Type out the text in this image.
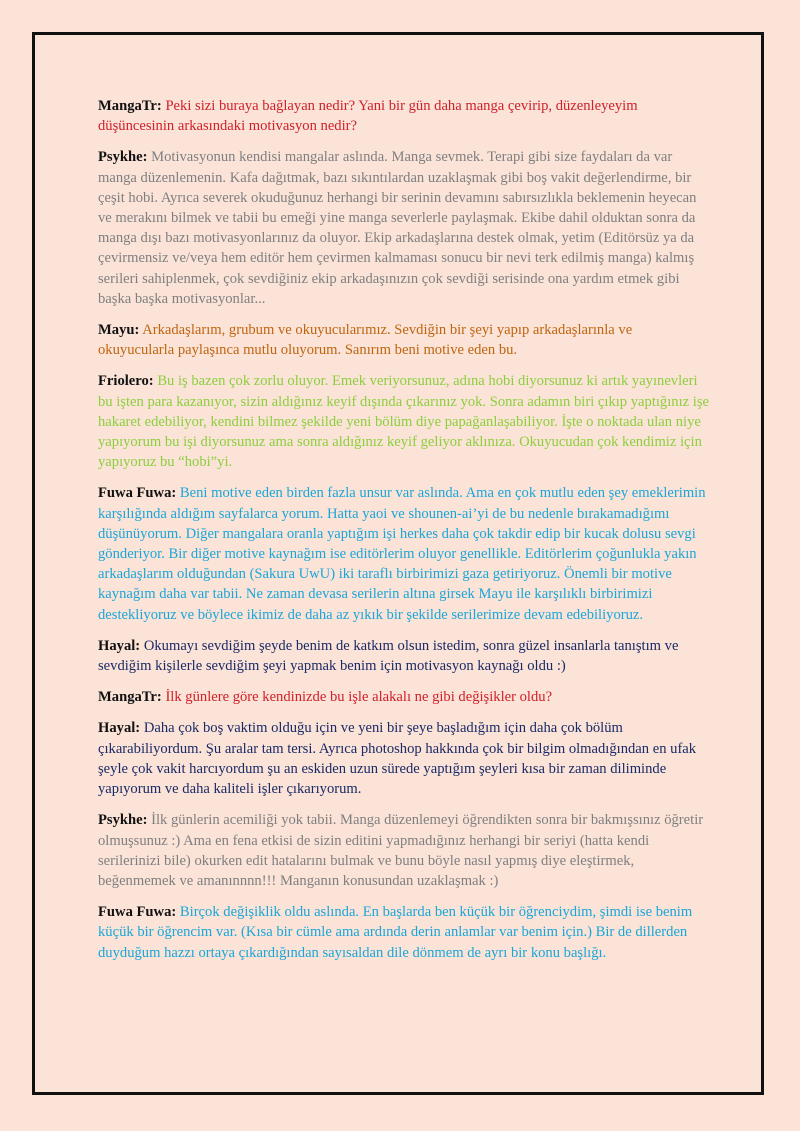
MangaTr: Peki sizi buraya bağlayan nedir? Yani bir gün daha manga çevirip, düzenleyeyim düşüncesinin arkasındaki motivasyon nedir?

Psykhe: Motivasyonun kendisi mangalar aslında. Manga sevmek. Terapi gibi size faydaları da var manga düzenlemenin. Kafa dağıtmak, bazı sıkıntılardan uzaklaşmak gibi boş vakit değerlendirme, bir çeşit hobi. Ayrıca severek okuduğunuz herhangi bir serinin devamını sabırsızlıkla beklemenin heyecan ve merakını bilmek ve tabii bu emeği yine manga severlerle paylaşmak. Ekibe dahil olduktan sonra da manga dışı bazı motivasyonlarınız da oluyor. Ekip arkadaşlarına destek olmak, yetim (Editörsüz ya da çevirmensiz ve/veya hem editör hem çevirmen kalmaması sonucu bir nevi terk edilmiş manga) kalmış serileri sahiplenmek, çok sevdiğiniz ekip arkadaşınızın çok sevdiği serisinde ona yardım etmek gibi başka başka motivasyonlar...

Mayu: Arkadaşlarım, grubum ve okuyucularımız. Sevdiğin bir şeyi yapıp arkadaşlarınla ve okuyucularla paylaşınca mutlu oluyorum. Sanırım beni motive eden bu.

Friolero: Bu iş bazen çok zorlu oluyor. Emek veriyorsunuz, adına hobi diyorsunuz ki artık yayınevleri bu işten para kazanıyor, sizin aldığınız keyif dışında çıkarınız yok. Sonra adamın biri çıkıp yaptığınız işe hakaret edebiliyor, kendini bilmez şekilde yeni bölüm diye papağanlaşabiliyor. İşte o noktada ulan niye yapıyorum bu işi diyorsunuz ama sonra aldığınız keyif geliyor aklınıza. Okuyucudan çok kendimiz için yapıyoruz bu “hobi”yi.

Fuwa Fuwa: Beni motive eden birden fazla unsur var aslında. Ama en çok mutlu eden şey emeklerimin karşılığında aldığım sayfalarca yorum. Hatta yaoi ve shounen-ai’yi de bu nedenle bırakamadığımı düşünüyorum. Diğer mangalara oranla yaptığım işi herkes daha çok takdir edip bir kucak dolusu sevgi gönderiyor. Bir diğer motive kaynağım ise editörlerim oluyor genellikle. Editörlerim çoğunlukla yakın arkadaşlarım olduğundan (Sakura UwU) iki taraflı birbirimizi gaza getiriyoruz. Önemli bir motive kaynağım daha var tabii. Ne zaman devasa serilerin altına girsek Mayu ile karşılıklı birbirimizi destekliyoruz ve böylece ikimiz de daha az yıkık bir şekilde serilerimize devam edebiliyoruz.

Hayal: Okumayı sevdiğim şeyde benim de katkım olsun istedim, sonra güzel insanlarla tanıştım ve sevdiğim kişilerle sevdiğim şeyi yapmak benim için motivasyon kaynağı oldu :)

MangaTr: İlk günlere göre kendinizde bu işle alakalı ne gibi değişikler oldu?

Hayal: Daha çok boş vaktim olduğu için ve yeni bir şeye başladığım için daha çok bölüm çıkarabiliyordum. Şu aralar tam tersi. Ayrıca photoshop hakkında çok bir bilgim olmadığından en ufak şeyle çok vakit harcıyordum şu an eskiden uzun sürede yaptığım şeyleri kısa bir zaman diliminde yapıyorum ve daha kaliteli işler çıkarıyorum.

Psykhe: İlk günlerin acemiliği yok tabii. Manga düzenlemeyi öğrendikten sonra bir bakmışsınız öğretir olmuşsunuz :) Ama en fena etkisi de sizin editini yapmadığınız herhangi bir seriyi (hatta kendi serilerinizi bile) okurken edit hatalarını bulmak ve bunu böyle nasıl yapmış diye eleştirmek, beğenmemek ve amanınnnn!!! Manganın konusundan uzaklaşmak :)

Fuwa Fuwa: Birçok değişiklik oldu aslında. En başlarda ben küçük bir öğrenciydim, şimdi ise benim küçük bir öğrencim var. (Kısa bir cümle ama ardında derin anlamlar var benim için.) Bir de dillerden duyduğum hazzı ortaya çıkardığından sayısaldan dile dönmem de ayrı bir konu başlığı.
